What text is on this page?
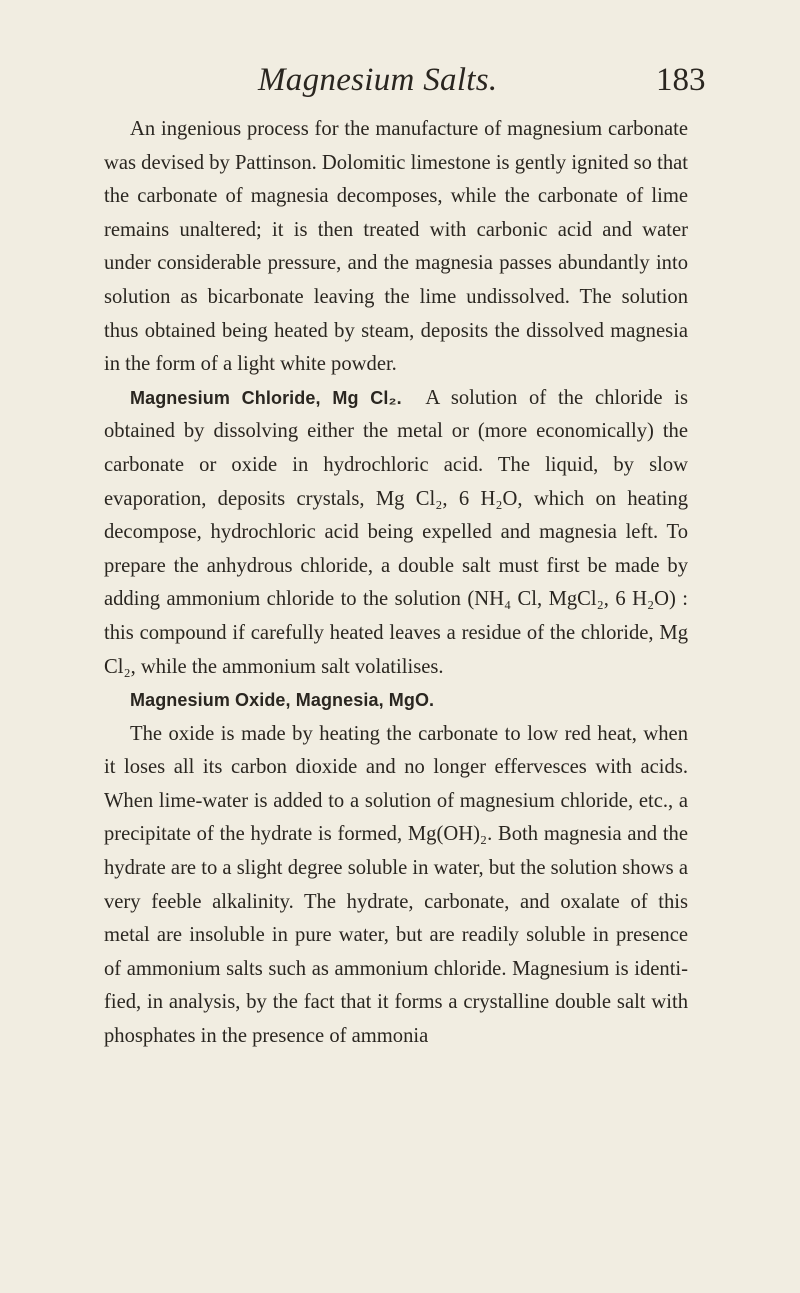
Magnesium Salts.	183

An ingenious process for the manufacture of magnesium carbonate was devised by Pattinson. Dolomitic limestone is gently ignited so that the carbonate of magnesia decomposes, while the carbonate of lime remains unaltered; it is then treated with carbonic acid and water under considerable pressure, and the magnesia passes abundantly into solution as bicarbonate leaving the lime undissolved. The solution thus obtained being heated by steam, deposits the dissolved magnesia in the form of a light white powder.

Magnesium Chloride, Mg Cl₂. A solution of the chloride is obtained by dissolving either the metal or (more economically) the carbonate or oxide in hydrochloric acid. The liquid, by slow evaporation, deposits crystals, Mg Cl₂, 6 H₂O, which on heating decompose, hydrochloric acid being expelled and magnesia left. To prepare the anhydrous chloride, a double salt must first be made by adding ammonium chloride to the solution (NH₄ Cl, MgCl₂, 6 H₂O) : this compound if carefully heated leaves a residue of the chloride, Mg Cl₂, while the ammonium salt volatilises.

Magnesium Oxide, Magnesia, MgO.

The oxide is made by heating the carbonate to low red heat, when it loses all its carbon dioxide and no longer effervesces with acids. When lime-water is added to a solution of magnesium chloride, etc., a precipitate of the hydrate is formed, Mg(OH)₂. Both magnesia and the hydrate are to a slight degree soluble in water, but the solution shows a very feeble alkalinity. The hydrate, carbonate, and oxalate of this metal are insoluble in pure water, but are readily soluble in presence of ammonium salts such as ammonium chloride. Magnesium is identified, in analysis, by the fact that it forms a crystalline double salt with phosphates in the presence of ammonia
